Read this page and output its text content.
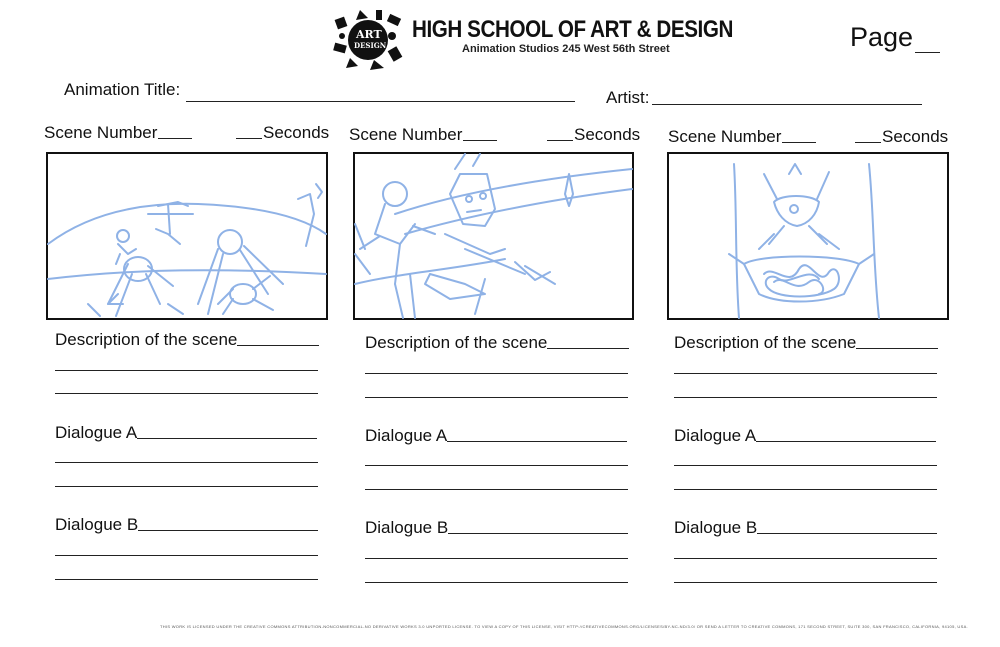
ART
DESIGN
HIGH SCHOOL OF ART & DESIGN
Animation Studios 245 West 56th Street	Page
Animation Title:	Artist:
Scene Number	Seconds
Description of the scene
Dialogue A
Dialogue B
Scene Number	Seconds
Description of the scene
Dialogue A
Dialogue B
Scene Number	Seconds
Description of the scene
Dialogue A
Dialogue B
THIS WORK IS LICENSED UNDER THE CREATIVE COMMONS ATTRIBUTION-NONCOMMERCIAL-NO DERIVATIVE WORKS 3.0 UNPORTED LICENSE. TO VIEW A COPY OF THIS LICENSE, VISIT HTTP://CREATIVECOMMONS.ORG/LICENSES/BY-NC-ND/3.0/ OR SEND A LETTER TO CREATIVE COMMONS, 171 SECOND STREET, SUITE 300, SAN FRANCISCO, CALIFORNIA, 94105, USA.
